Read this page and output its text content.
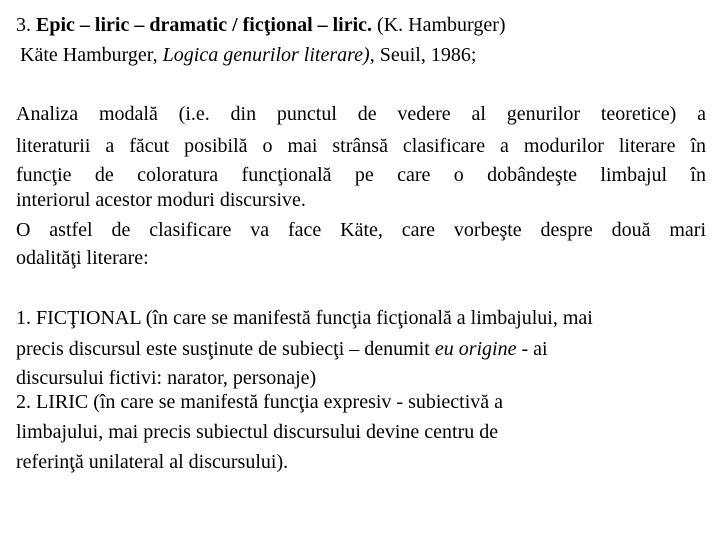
3. Epic – liric – dramatic / ficţional – liric. (K. Hamburger)
Käte Hamburger, Logica genurilor literare), Seuil, 1986;
Analiza modală (i.e. din punctul de vedere al genurilor teoretice) a
literaturii a făcut posibilă o mai strânsă clasificare a modurilor literare în
funcţie de coloratura funcţională pe care o dobândeşte limbajul în
interiorul acestor moduri discursive.
O astfel de clasificare va face Käte, care vorbeşte despre două mari
odalităţi literare:
1. FICŢIONAL (în care se manifestă funcţia ficţională a limbajului, mai
precis discursul este susţinute de subiecţi – denumit eu origine - ai
discursului fictivi: narator, personaje)
2. LIRIC (în care se manifestă funcţia expresiv - subiectivă a
limbajului, mai precis subiectul discursului devine centru de
referinţă unilateral al discursului).
